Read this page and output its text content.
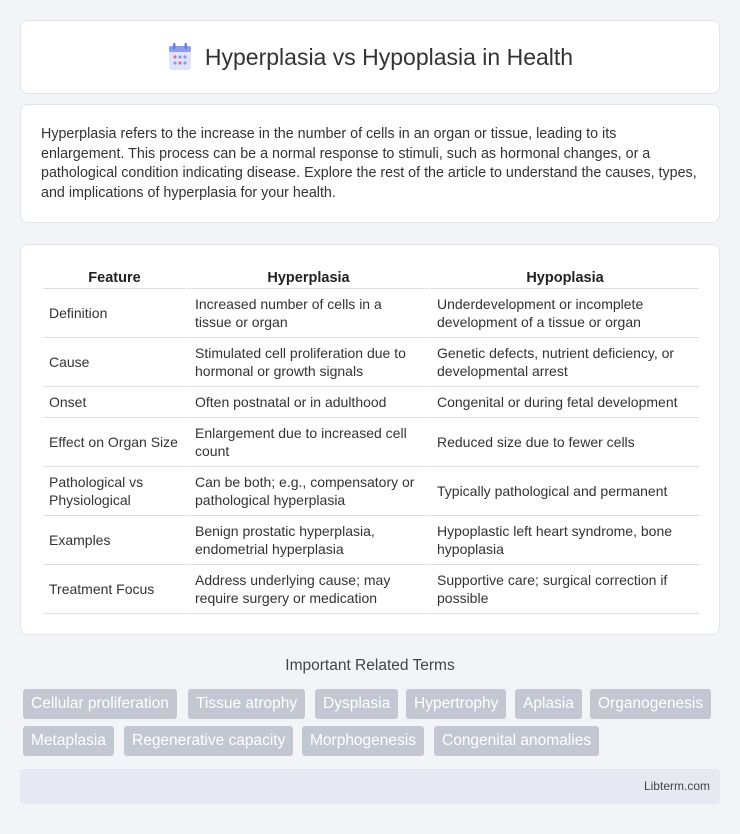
Hyperplasia vs Hypoplasia in Health

Hyperplasia refers to the increase in the number of cells in an organ or tissue, leading to its enlargement. This process can be a normal response to stimuli, such as hormonal changes, or a pathological condition indicating disease. Explore the rest of the article to understand the causes, types, and implications of hyperplasia for your health.

Feature	Hyperplasia	Hypoplasia
Definition	Increased number of cells in a tissue or organ	Underdevelopment or incomplete development of a tissue or organ
Cause	Stimulated cell proliferation due to hormonal or growth signals	Genetic defects, nutrient deficiency, or developmental arrest
Onset	Often postnatal or in adulthood	Congenital or during fetal development
Effect on Organ Size	Enlargement due to increased cell count	Reduced size due to fewer cells
Pathological vs Physiological	Can be both; e.g., compensatory or pathological hyperplasia	Typically pathological and permanent
Examples	Benign prostatic hyperplasia, endometrial hyperplasia	Hypoplastic left heart syndrome, bone hypoplasia
Treatment Focus	Address underlying cause; may require surgery or medication	Supportive care; surgical correction if possible
Important Related Terms
Cellular proliferation	Tissue atrophy	Dysplasia	Hypertrophy	Aplasia	Organogenesis
Metaplasia	Regenerative capacity	Morphogenesis	Congenital anomalies
Libterm.com
